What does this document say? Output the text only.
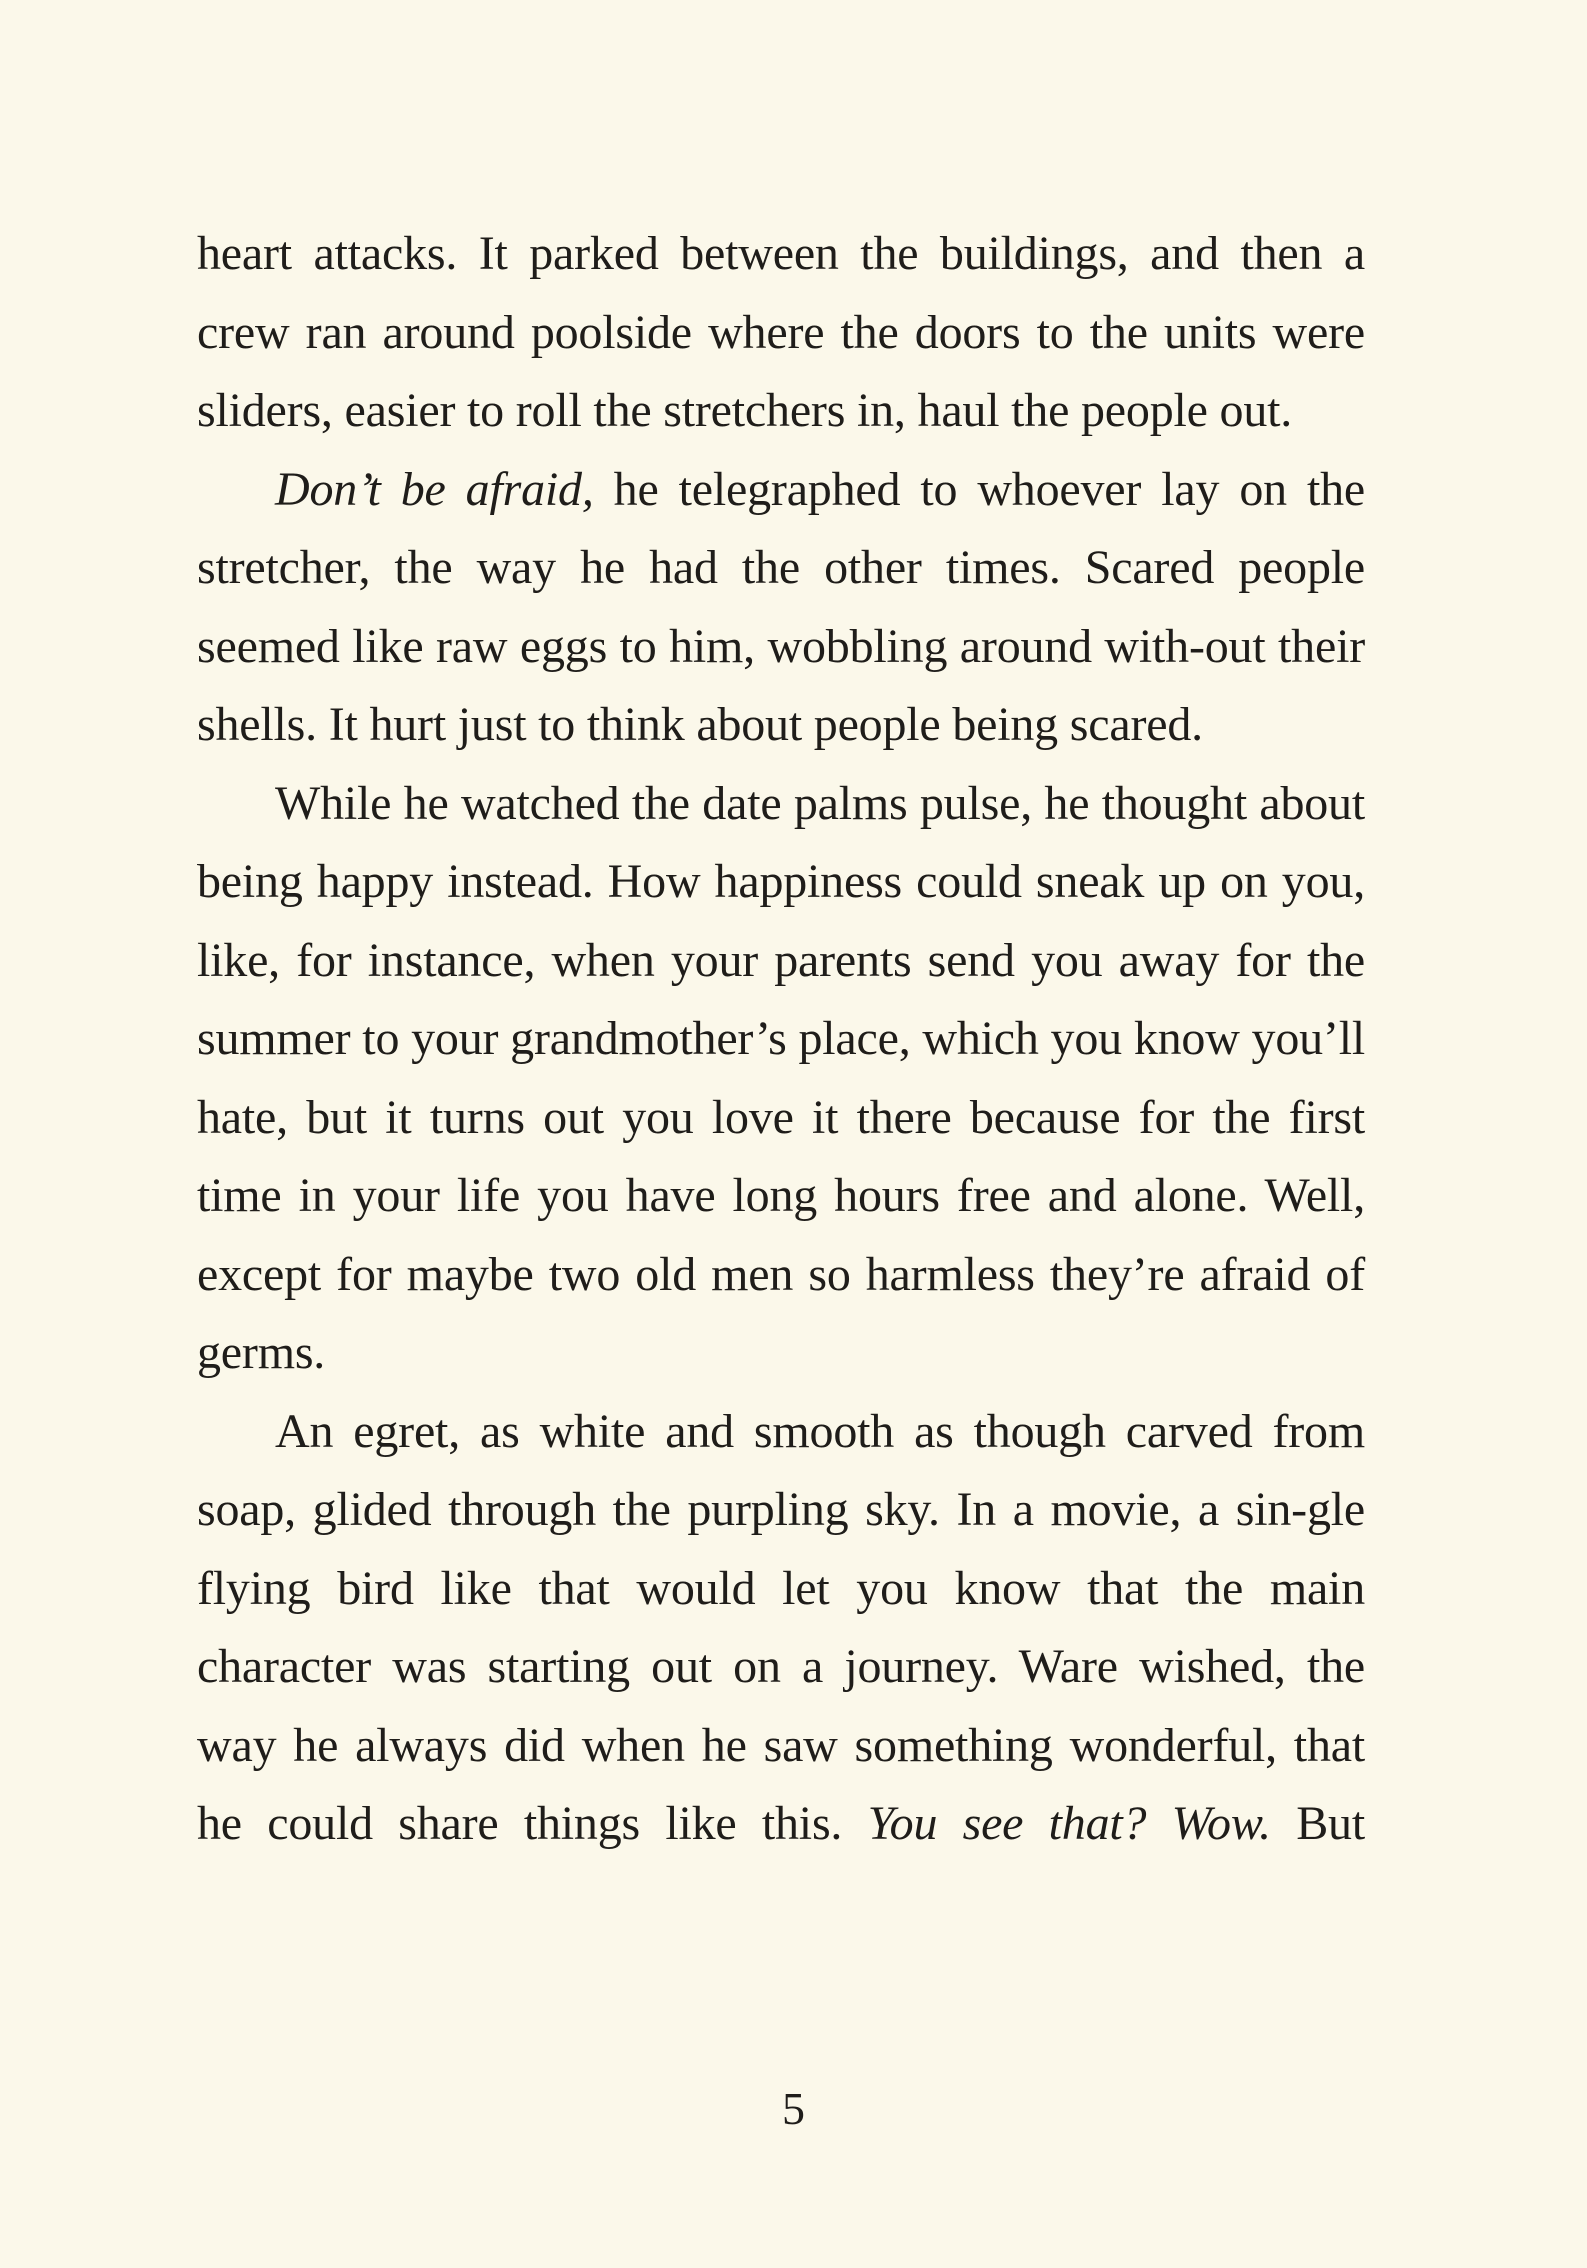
heart attacks. It parked between the buildings, and then a crew ran around poolside where the doors to the units were sliders, easier to roll the stretchers in, haul the people out.

Don’t be afraid, he telegraphed to whoever lay on the stretcher, the way he had the other times. Scared people seemed like raw eggs to him, wobbling around with-out their shells. It hurt just to think about people being scared.

While he watched the date palms pulse, he thought about being happy instead. How happiness could sneak up on you, like, for instance, when your parents send you away for the summer to your grandmother’s place, which you know you’ll hate, but it turns out you love it there because for the first time in your life you have long hours free and alone. Well, except for maybe two old men so harmless they’re afraid of germs.

An egret, as white and smooth as though carved from soap, glided through the purpling sky. In a movie, a sin-gle flying bird like that would let you know that the main character was starting out on a journey. Ware wished, the way he always did when he saw something wonderful, that he could share things like this. You see that? Wow. But

5
